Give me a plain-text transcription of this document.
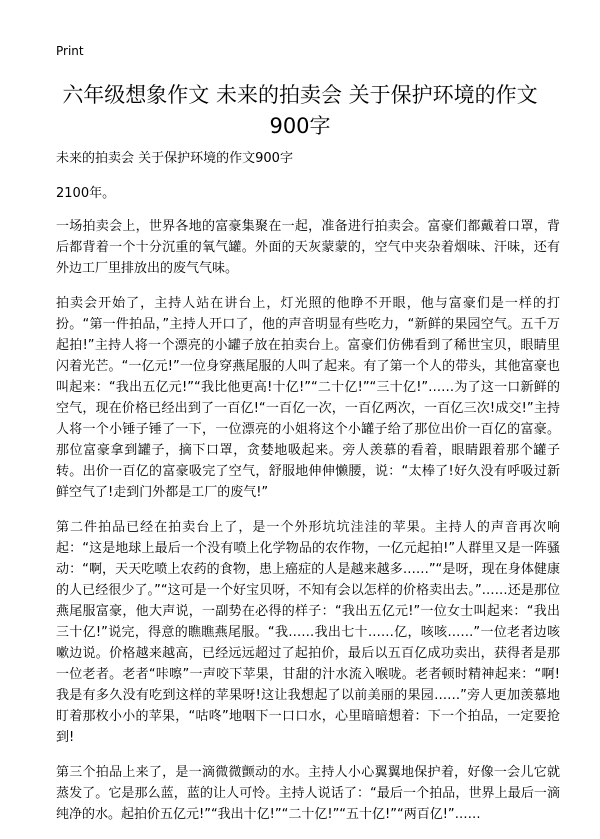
Print
六年级想象作文 未来的拍卖会 关于保护环境的作文900字

未来的拍卖会 关于保护环境的作文900字

2100年。

一场拍卖会上，世界各地的富豪集聚在一起，准备进行拍卖会。富豪们都戴着口罩，背后都背着一个十分沉重的氧气罐。外面的天灰蒙蒙的，空气中夹杂着烟味、汗味，还有外边工厂里排放出的废气气味。

拍卖会开始了，主持人站在讲台上，灯光照的他睁不开眼，他与富豪们是一样的打扮。“第一件拍品，”主持人开口了，他的声音明显有些吃力，“新鲜的果园空气。五千万起拍!”主持人将一个漂亮的小罐子放在拍卖台上。富豪们仿佛看到了稀世宝贝，眼睛里闪着光芒。“一亿元!”一位身穿燕尾服的人叫了起来。有了第一个人的带头，其他富豪也叫起来：“我出五亿元!”“我比他更高!十亿!”“二十亿!”“三十亿!”……为了这一口新鲜的空气，现在价格已经出到了一百亿!“一百亿一次，一百亿两次，一百亿三次!成交!”主持人将一个小锤子锤了一下，一位漂亮的小姐将这个小罐子给了那位出价一百亿的富豪。那位富豪拿到罐子，摘下口罩，贪婪地吸起来。旁人羡慕的看着，眼睛跟着那个罐子转。出价一百亿的富豪吸完了空气，舒服地伸伸懒腰，说：“太棒了!好久没有呼吸过新鲜空气了!走到门外都是工厂的废气!”

第二件拍品已经在拍卖台上了，是一个外形坑坑洼洼的苹果。主持人的声音再次响起：“这是地球上最后一个没有喷上化学物品的农作物，一亿元起拍!”人群里又是一阵骚动：“啊，天天吃喷上农药的食物，患上癌症的人是越来越多……”“是呀，现在身体健康的人已经很少了。”“这可是一个好宝贝呀，不知有会以怎样的价格卖出去。”……还是那位燕尾服富豪，他大声说，一副势在必得的样子：“我出五亿元!”一位女士叫起来：“我出三十亿!”说完，得意的瞧瞧燕尾服。“我……我出七十……亿，咳咳……”一位老者边咳嗽边说。价格越来越高，已经远远超过了起拍价，最后以五百亿成功卖出，获得者是那一位老者。老者“咔嚓”一声咬下苹果，甘甜的汁水流入喉咙。老者顿时精神起来：“啊!我是有多久没有吃到这样的苹果呀!这让我想起了以前美丽的果园……”旁人更加羡慕地盯着那枚小小的苹果，“咕咚”地咽下一口口水，心里暗暗想着：下一个拍品，一定要抢到!

第三个拍品上来了，是一滴微微颤动的水。主持人小心翼翼地保护着，好像一会儿它就蒸发了。它是那么蓝，蓝的让人可怜。主持人说话了：“最后一个拍品，世界上最后一滴纯净的水。起拍价五亿元!”“我出十亿!”“二十亿!”“五十亿!”“两百亿!”……
